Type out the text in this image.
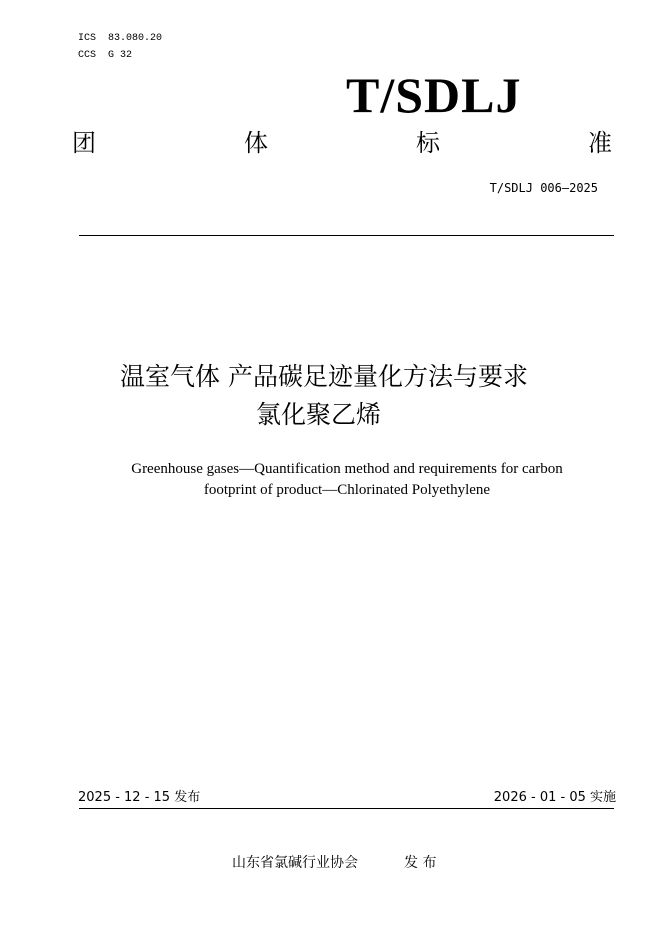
ICS  83.080.20
CCS  G 32
T/SDLJ
团	体	标	准
T/SDLJ 006—2025
温室气体 产品碳足迹量化方法与要求
氯化聚乙烯
Greenhouse gases—Quantification method and requirements for carbon
footprint of product—Chlorinated Polyethylene
2025 - 12 - 15 发布	2026 - 01 - 05 实施
山东省氯碱行业协会	发 布
